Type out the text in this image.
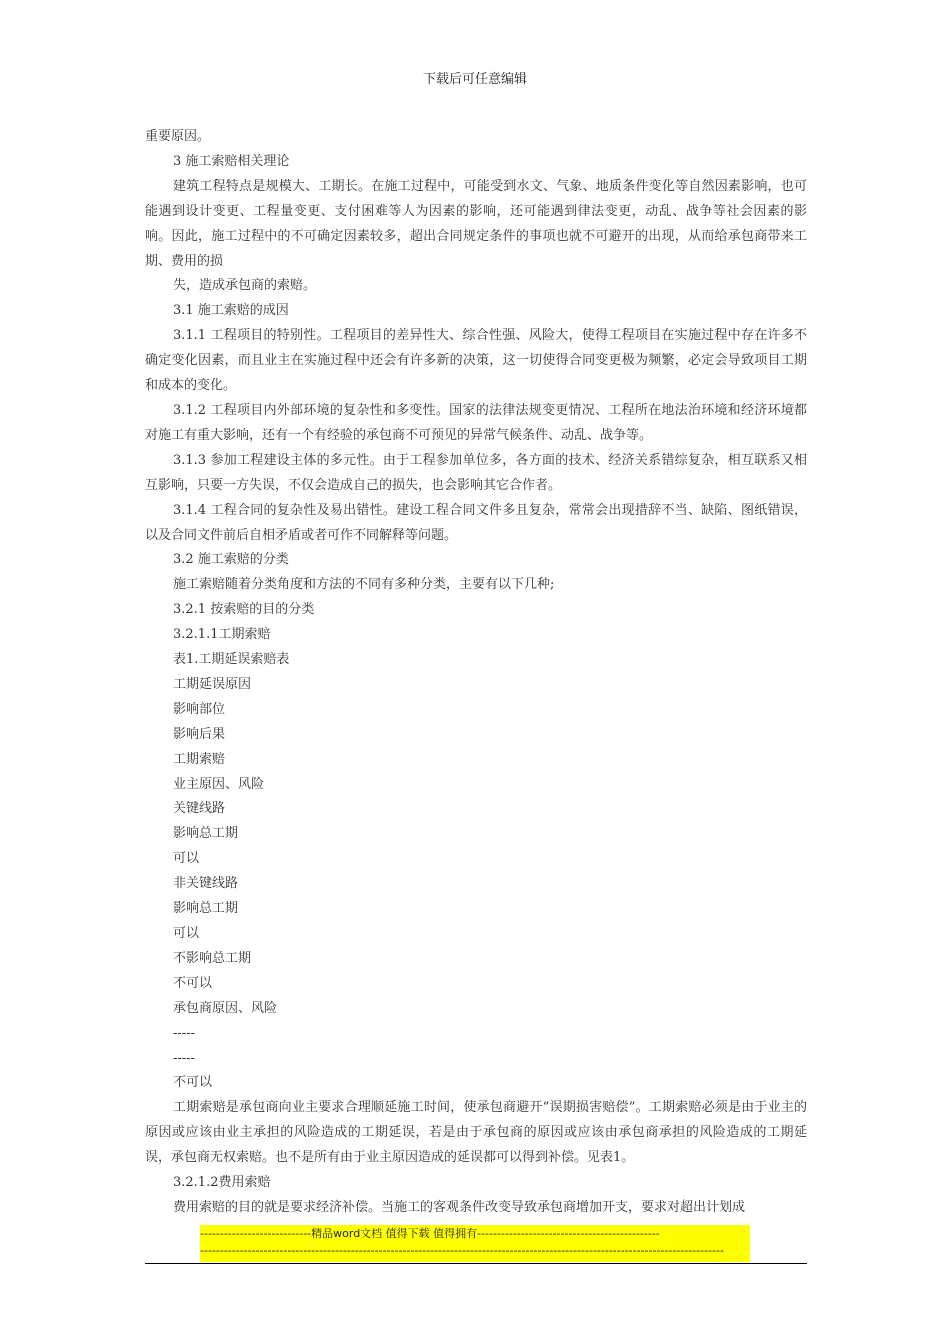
下载后可任意编辑

重要原因。

3 施工索赔相关理论

建筑工程特点是规模大、工期长。在施工过程中，可能受到水文、气象、地质条件变化等自然因素影响，也可能遇到设计变更、工程量变更、支付困难等人为因素的影响，还可能遇到律法变更，动乱、战争等社会因素的影响。因此，施工过程中的不可确定因素较多，超出合同规定条件的事项也就不可避开的出现，从而给承包商带来工期、费用的损

失，造成承包商的索赔。

3.1 施工索赔的成因

3.1.1 工程项目的特别性。工程项目的差异性大、综合性强、风险大，使得工程项目在实施过程中存在许多不确定变化因素，而且业主在实施过程中还会有许多新的决策，这一切使得合同变更极为频繁，必定会导致项目工期和成本的变化。

3.1.2 工程项目内外部环境的复杂性和多变性。国家的法律法规变更情况、工程所在地法治环境和经济环境都对施工有重大影响，还有一个有经验的承包商不可预见的异常气候条件、动乱、战争等。

3.1.3 参加工程建设主体的多元性。由于工程参加单位多，各方面的技术、经济关系错综复杂，相互联系又相互影响，只要一方失误，不仅会造成自己的损失，也会影响其它合作者。

3.1.4 工程合同的复杂性及易出错性。建设工程合同文件多且复杂，常常会出现措辞不当、缺陷、图纸错误，以及合同文件前后自相矛盾或者可作不同解释等问题。

3.2 施工索赔的分类

施工索赔随着分类角度和方法的不同有多种分类，主要有以下几种;

3.2.1 按索赔的目的分类

3.2.1.1工期索赔

表1.工期延误索赔表

工期延误原因

影响部位

影响后果

工期索赔

业主原因、风险

关键线路

影响总工期

可以

非关键线路

影响总工期

可以

不影响总工期

不可以

承包商原因、风险

-----

-----

不可以

工期索赔是承包商向业主要求合理顺延施工时间，使承包商避开“误期损害赔偿”。工期索赔必须是由于业主的原因或应该由业主承担的风险造成的工期延误，若是由于承包商的原因或应该由承包商承担的风险造成的工期延误，承包商无权索赔。也不是所有由于业主原因造成的延误都可以得到补偿。见表1。

3.2.1.2费用索赔

费用索赔的目的就是要求经济补偿。当施工的客观条件改变导致承包商增加开支，要求对超出计划成

----------------------------精品word文档 值得下载 值得拥有----------------------------------------------
------------------------------------------------------------------------------------------------------------------------------------
